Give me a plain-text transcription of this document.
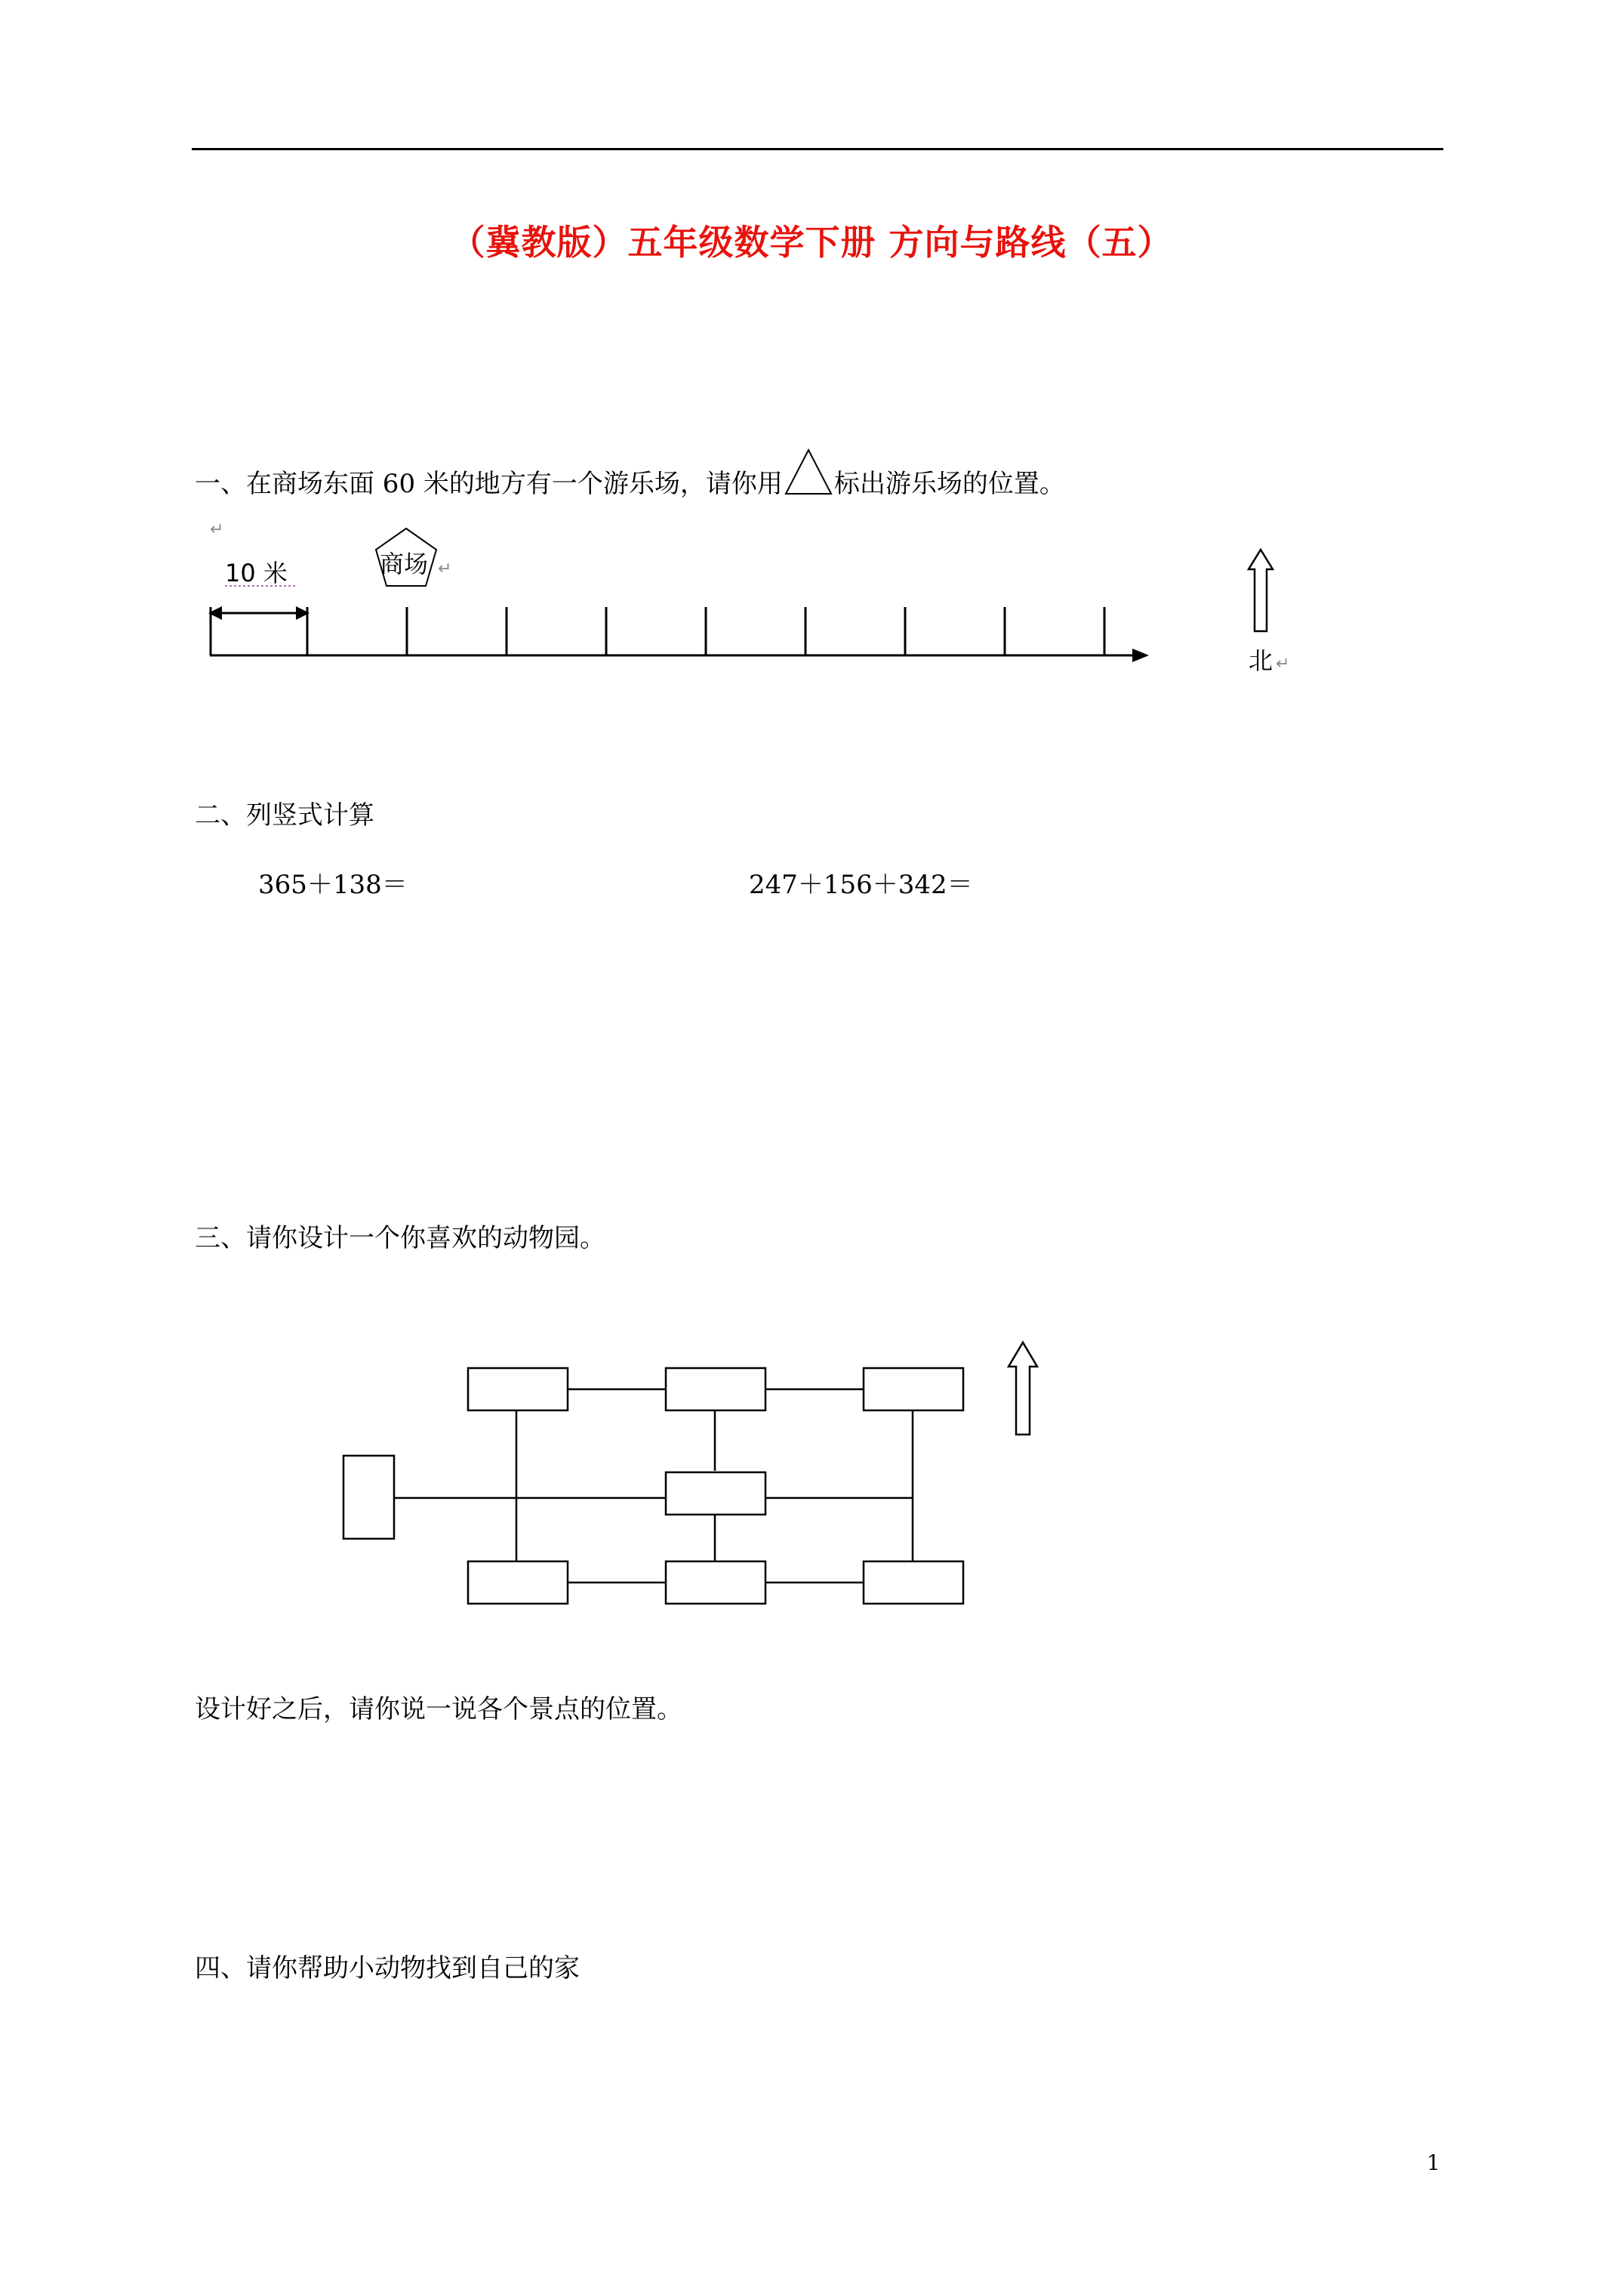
（冀教版）五年级数学下册 方向与路线（五）
一、在商场东面 60 米的地方有一个游乐场，请你用 标出游乐场的位置。
↵
10 米	商场 ↵
北 ↵
二、列竖式计算
365＋138＝	247＋156＋342＝
三、请你设计一个你喜欢的动物园。
设计好之后，请你说一说各个景点的位置。
四、请你帮助小动物找到自己的家
1
